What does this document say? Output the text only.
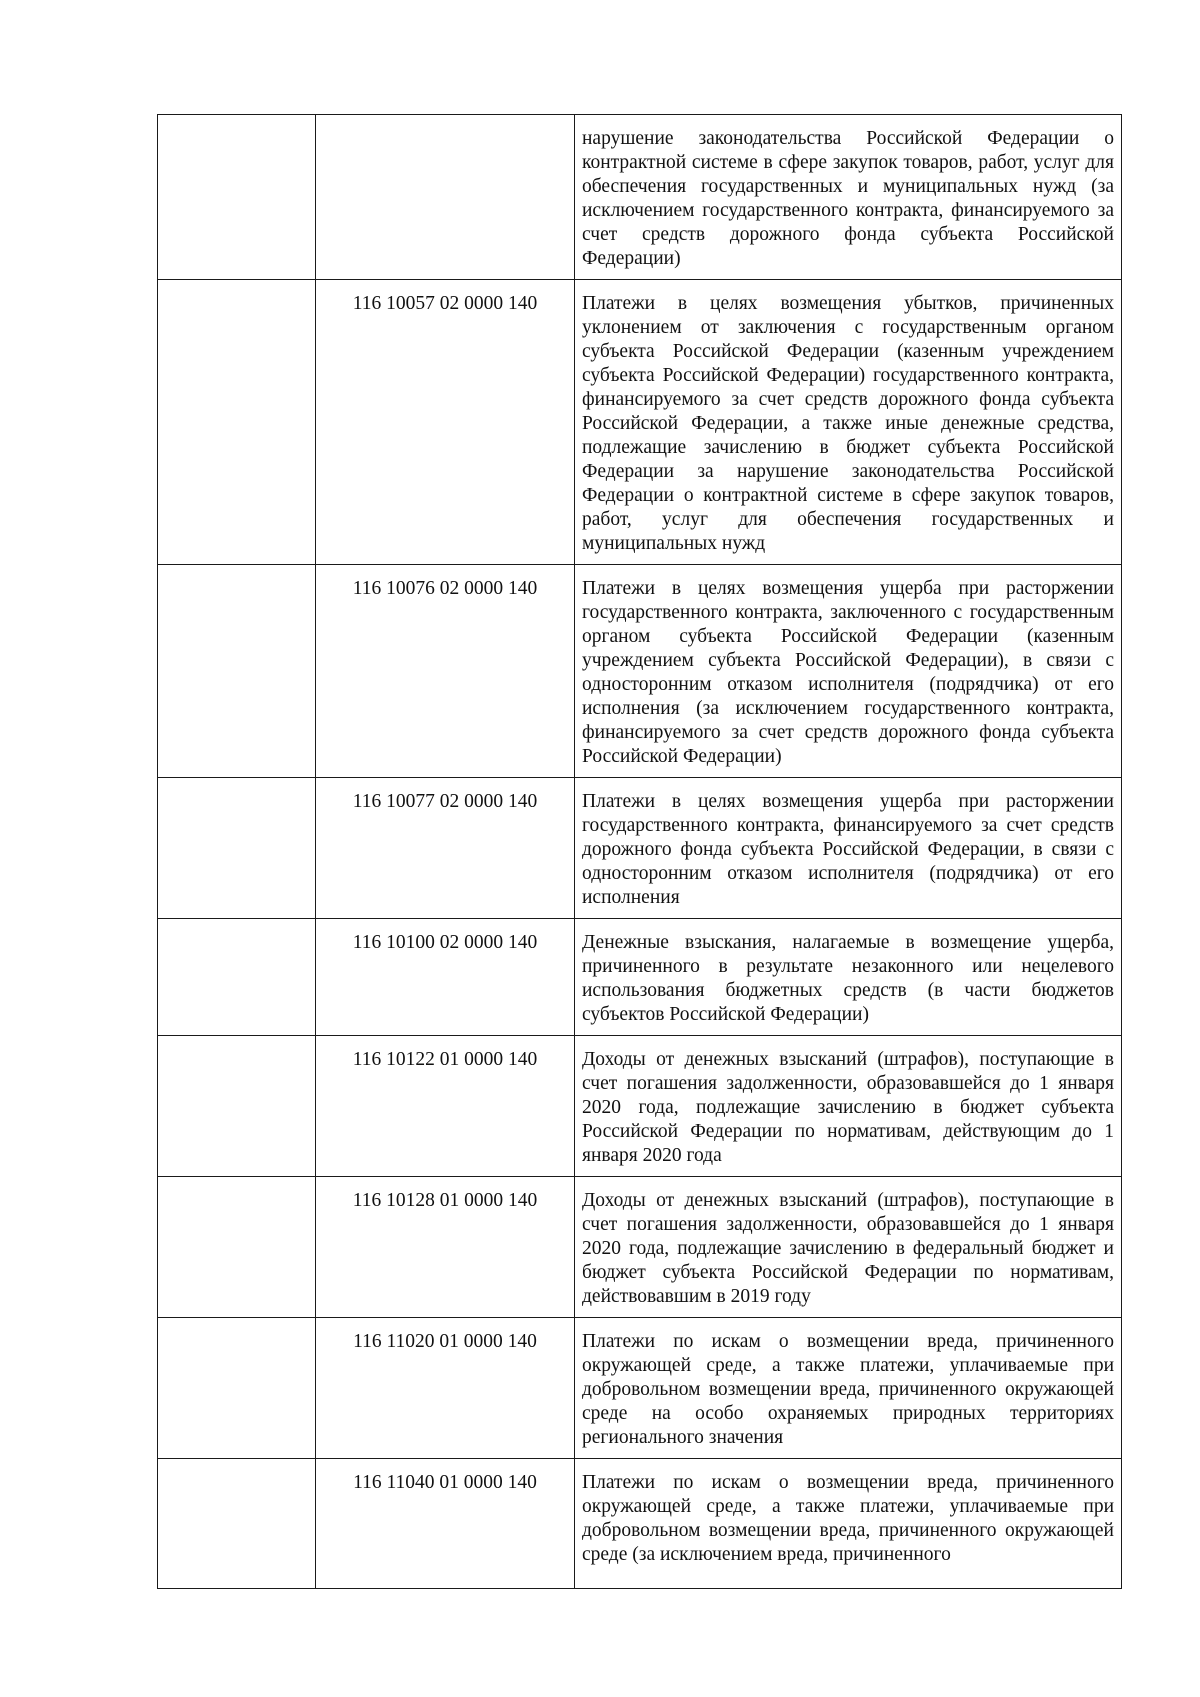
		нарушение законодательства Российской Федерации о контрактной системе в сфере закупок товаров, работ, услуг для обеспечения государственных и муниципальных нужд (за исключением государственного контракта, финансируемого за счет средств дорожного фонда субъекта Российской Федерации)
	116 10057 02 0000 140	Платежи в целях возмещения убытков, причиненных уклонением от заключения с государственным органом субъекта Российской Федерации (казенным учреждением субъекта Российской Федерации) государственного контракта, финансируемого за счет средств дорожного фонда субъекта Российской Федерации, а также иные денежные средства, подлежащие зачислению в бюджет субъекта Российской Федерации за нарушение законодательства Российской Федерации о контрактной системе в сфере закупок товаров, работ, услуг для обеспечения государственных и муниципальных нужд
	116 10076 02 0000 140	Платежи в целях возмещения ущерба при расторжении государственного контракта, заключенного с государственным органом субъекта Российской Федерации (казенным учреждением субъекта Российской Федерации), в связи с односторонним отказом исполнителя (подрядчика) от его исполнения (за исключением государственного контракта, финансируемого за счет средств дорожного фонда субъекта Российской Федерации)
	116 10077 02 0000 140	Платежи в целях возмещения ущерба при расторжении государственного контракта, финансируемого за счет средств дорожного фонда субъекта Российской Федерации, в связи с односторонним отказом исполнителя (подрядчика) от его исполнения
	116 10100 02 0000 140	Денежные взыскания, налагаемые в возмещение ущерба, причиненного в результате незаконного или нецелевого использования бюджетных средств (в части бюджетов субъектов Российской Федерации)
	116 10122 01 0000 140	Доходы от денежных взысканий (штрафов), поступающие в счет погашения задолженности, образовавшейся до 1 января 2020 года, подлежащие зачислению в бюджет субъекта Российской Федерации по нормативам, действующим до 1 января 2020 года
	116 10128 01 0000 140	Доходы от денежных взысканий (штрафов), поступающие в счет погашения задолженности, образовавшейся до 1 января 2020 года, подлежащие зачислению в федеральный бюджет и бюджет субъекта Российской Федерации по нормативам, действовавшим в 2019 году
	116 11020 01 0000 140	Платежи по искам о возмещении вреда, причиненного окружающей среде, а также платежи, уплачиваемые при добровольном возмещении вреда, причиненного окружающей среде на особо охраняемых природных территориях регионального значения
	116 11040 01 0000 140	Платежи по искам о возмещении вреда, причиненного окружающей среде, а также платежи, уплачиваемые при добровольном возмещении вреда, причиненного окружающей среде (за исключением вреда, причиненного
